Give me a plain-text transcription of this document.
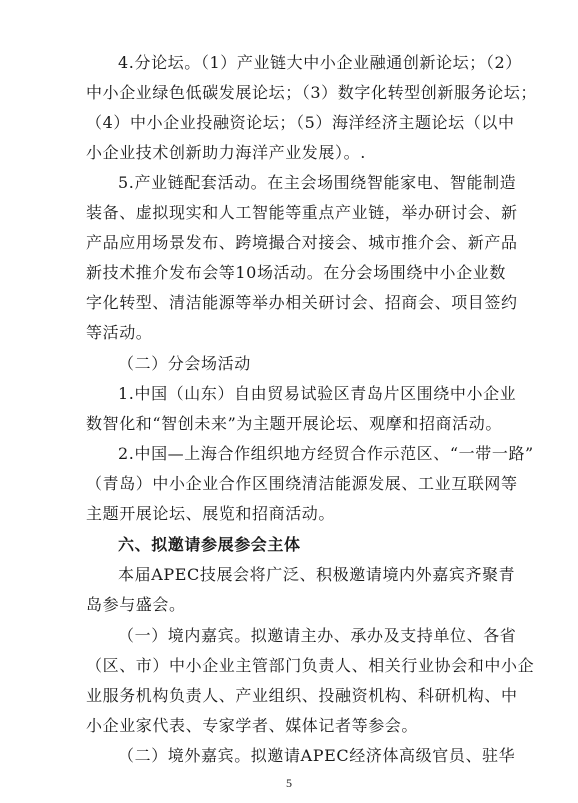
4.分论坛。（1）产业链大中小企业融通创新论坛；（2）
中小企业绿色低碳发展论坛；（3）数字化转型创新服务论坛；
（4）中小企业投融资论坛；（5）海洋经济主题论坛（以中
小企业技术创新助力海洋产业发展）。.
5.产业链配套活动。在主会场围绕智能家电、智能制造
装备、虚拟现实和人工智能等重点产业链，举办研讨会、新
产品应用场景发布、跨境撮合对接会、城市推介会、新产品
新技术推介发布会等10场活动。在分会场围绕中小企业数
字化转型、清洁能源等举办相关研讨会、招商会、项目签约
等活动。
（二）分会场活动
1.中国（山东）自由贸易试验区青岛片区围绕中小企业
数智化和“智创未来”为主题开展论坛、观摩和招商活动。
2.中国—上海合作组织地方经贸合作示范区、“一带一路”
（青岛）中小企业合作区围绕清洁能源发展、工业互联网等
主题开展论坛、展览和招商活动。
六、拟邀请参展参会主体
本届APEC技展会将广泛、积极邀请境内外嘉宾齐聚青
岛参与盛会。
（一）境内嘉宾。拟邀请主办、承办及支持单位、各省
（区、市）中小企业主管部门负责人、相关行业协会和中小企
业服务机构负责人、产业组织、投融资机构、科研机构、中
小企业家代表、专家学者、媒体记者等参会。
5
（二）境外嘉宾。拟邀请APEC经济体高级官员、驻华
